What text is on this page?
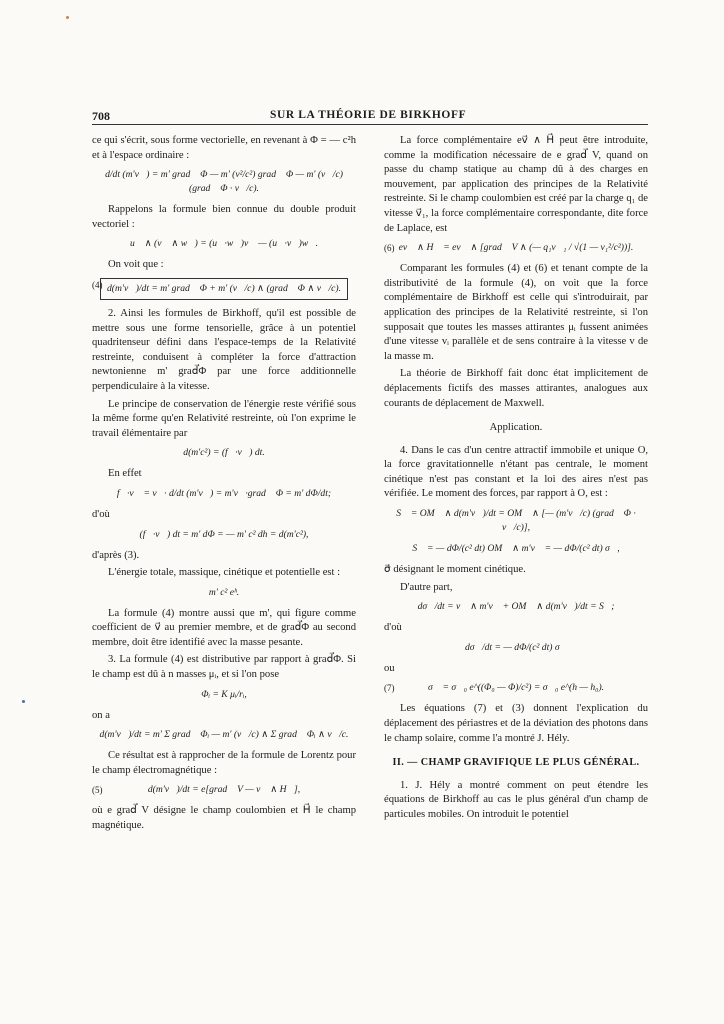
708	SUR LA THÉORIE DE BIRKHOFF

ce qui s'écrit, sous forme vectorielle, en revenant à Φ = — c²h et à l'espace ordinaire :

d/dt (m'v⃗) = m' grad⃗ Φ — m' (v²/c²) grad⃗ Φ — m' (v⃗/c) (grad⃗ Φ · v⃗/c).

Rappelons la formule bien connue du double produit vectoriel :

u⃗ ∧ (v⃗ ∧ w⃗) = (u⃗·w⃗)v⃗ — (u⃗·v⃗)w⃗.

On voit que :

(4) d(m'v⃗)/dt = m' grad⃗ Φ + m' (v⃗/c) ∧ (grad⃗ Φ ∧ v⃗/c).

2. Ainsi les formules de Birkhoff, qu'il est possible de mettre sous une forme tensorielle, grâce à un potentiel quadritenseur défini dans l'espace-temps de la Relativité restreinte, conduisent à compléter la force d'attraction newtonienne m' grad⃗Φ par une force additionnelle perpendiculaire à la vitesse.

Le principe de conservation de l'énergie reste vérifié sous la même forme qu'en Relativité restreinte, où l'on exprime le travail élémentaire par

d(m'c²) = (f⃗·v⃗) dt.

En effet

f⃗·v⃗ = v⃗· d/dt (m'v⃗) = m'v⃗·grad⃗ Φ = m' dΦ/dt;

d'où

(f⃗·v⃗) dt = m' dΦ = — m' c² dh = d(m'c²),

d'après (3).

L'énergie totale, massique, cinétique et potentielle est :

m' c² eʰ.

La formule (4) montre aussi que m', qui figure comme coefficient de v⃗ au premier membre, et de grad⃗Φ au second membre, doit être identifié avec la masse pesante.

3. La formule (4) est distributive par rapport à grad⃗Φ. Si le champ est dû à n masses μᵢ, et si l'on pose

Φᵢ = K μᵢ/rᵢ,

on a

d(m'v⃗)/dt = m' Σ grad⃗ Φᵢ — m' (v⃗/c) ∧ Σ grad⃗ Φᵢ ∧ v⃗/c.

Ce résultat est à rapprocher de la formule de Lorentz pour le champ électromagnétique :

(5)	d(m'v⃗)/dt = e[grad⃗ V — v⃗ ∧ H⃗],

où e grad⃗ V désigne le champ coulombien et H⃗ le champ magnétique.

La force complémentaire ev⃗ ∧ H⃗ peut être introduite, comme la modification nécessaire de e grad⃗ V, quand on passe du champ statique au champ dû à des charges en mouvement, par application des principes de la Relativité restreinte. Si le champ coulombien est créé par la charge q₁ de vitesse v⃗₁, la force complémentaire correspondante, dite force de Laplace, est

(6) ev⃗ ∧ H⃗ = ev⃗ ∧ [grad⃗ V ∧ (— q₁v⃗₁ / √(1 — v₁²/c²))].

Comparant les formules (4) et (6) et tenant compte de la distributivité de la formule (4), on voit que la force complémentaire de Birkhoff est celle qui s'introduirait, par application des principes de la Relativité restreinte, si l'on supposait que toutes les masses attirantes μᵢ fussent animées d'une vitesse vᵢ parallèle et de sens contraire à la vitesse v de la masse m.

La théorie de Birkhoff fait donc état implicitement de déplacements fictifs des masses attirantes, analogues aux courants de déplacement de Maxwell.

Application.

4. Dans le cas d'un centre attractif immobile et unique O, la force gravitationnelle n'étant pas centrale, le moment cinétique n'est pas constant et la loi des aires n'est pas vérifiée. Le moment des forces, par rapport à O, est :

S⃗ = OM⃗ ∧ d(m'v⃗)/dt = OM⃗ ∧ [— (m'v⃗/c) (grad⃗ Φ · v⃗/c)],
S⃗ = — dΦ/(c² dt) OM⃗ ∧ m'v⃗ = — dΦ/(c² dt) σ⃗,

σ⃗ désignant le moment cinétique.

D'autre part,

dσ⃗/dt = v⃗ ∧ m'v⃗ + OM⃗ ∧ d(m'v⃗)/dt = S⃗;

d'où

dσ⃗/dt = — dΦ/(c² dt) σ⃗

ou

(7)	σ⃗ = σ⃗₀ e^((Φ₀ — Φ)/c²) = σ⃗₀ e^(h — h₀).

Les équations (7) et (3) donnent l'explication du déplacement des périastres et de la déviation des photons dans le champ solaire, comme l'a montré J. Hély.

II. — CHAMP GRAVIFIQUE LE PLUS GÉNÉRAL.

1. J. Hély a montré comment on peut étendre les équations de Birkhoff au cas le plus général d'un champ de particules mobiles. On introduit le potentiel
